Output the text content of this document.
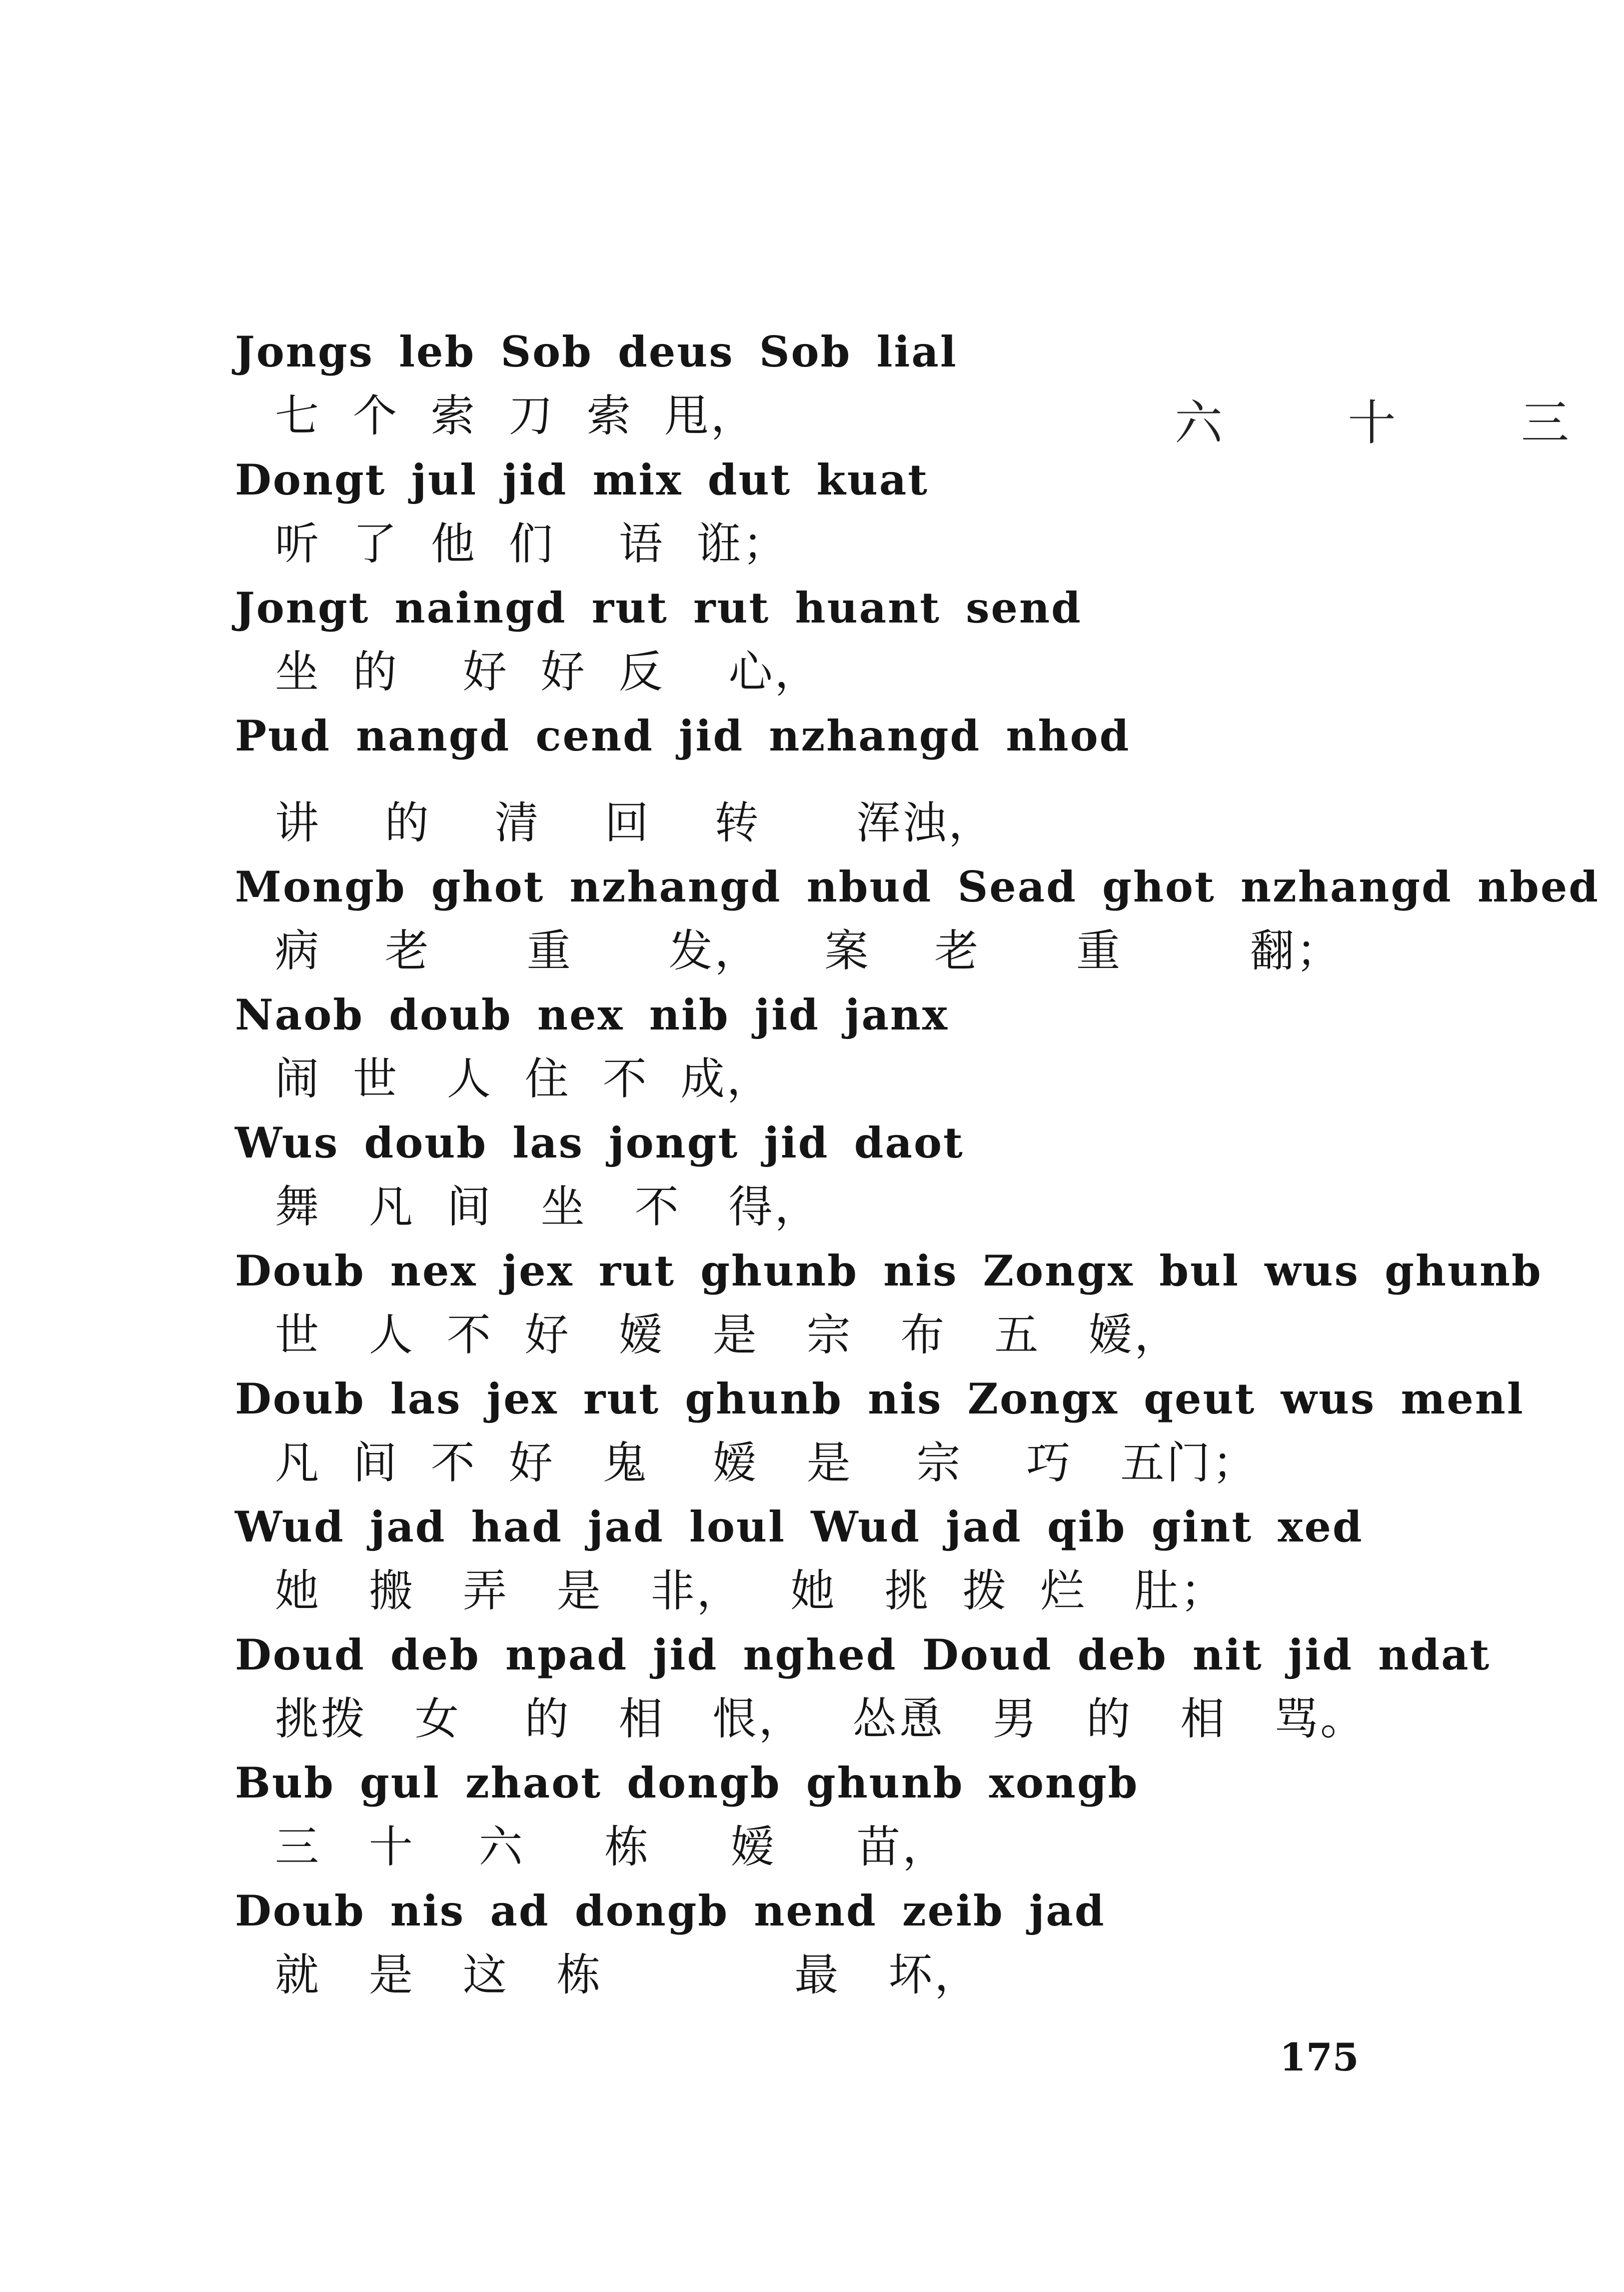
六 十 三
Jongs leb Sob deus Sob lial
七  个  索  刀  索  甩，
Dongt jul jid mix dut kuat
听  了  他  们    语  诳；
Jongt naingd rut rut huant send
坐  的    好  好  反    心，
Pud nangd cend jid nzhangd nhod
讲    的    清    回    转      浑浊，
Mongb ghot nzhangd nbud Sead ghot nzhangd nbed
病    老      重      发，    案    老      重        翻；
Naob doub nex nib jid janx
闹  世   人  住  不  成，
Wus doub las jongt jid daot
舞   凡  间   坐   不   得，
Doub nex jex rut ghunb nis Zongx bul wus ghunb
世   人  不  好   嫒   是   宗   布   五   嫒，
Doub las jex rut ghunb nis Zongx qeut wus menl
凡  间  不  好   鬼    嫒   是    宗    巧   五门；
Wud jad had jad loul Wud jad qib gint xed
她   搬   弄   是   非，   她   挑  拨  烂   肚；
Doud deb npad jid nghed Doud deb nit jid ndat
挑拨   女    的   相   恨，   怂恿   男   的   相   骂。
Bub gul zhaot dongb ghunb xongb
三   十    六     栋     嫒     苗，
Doub nis ad dongb nend zeib jad
就   是   这   栋            最   坏，
175
